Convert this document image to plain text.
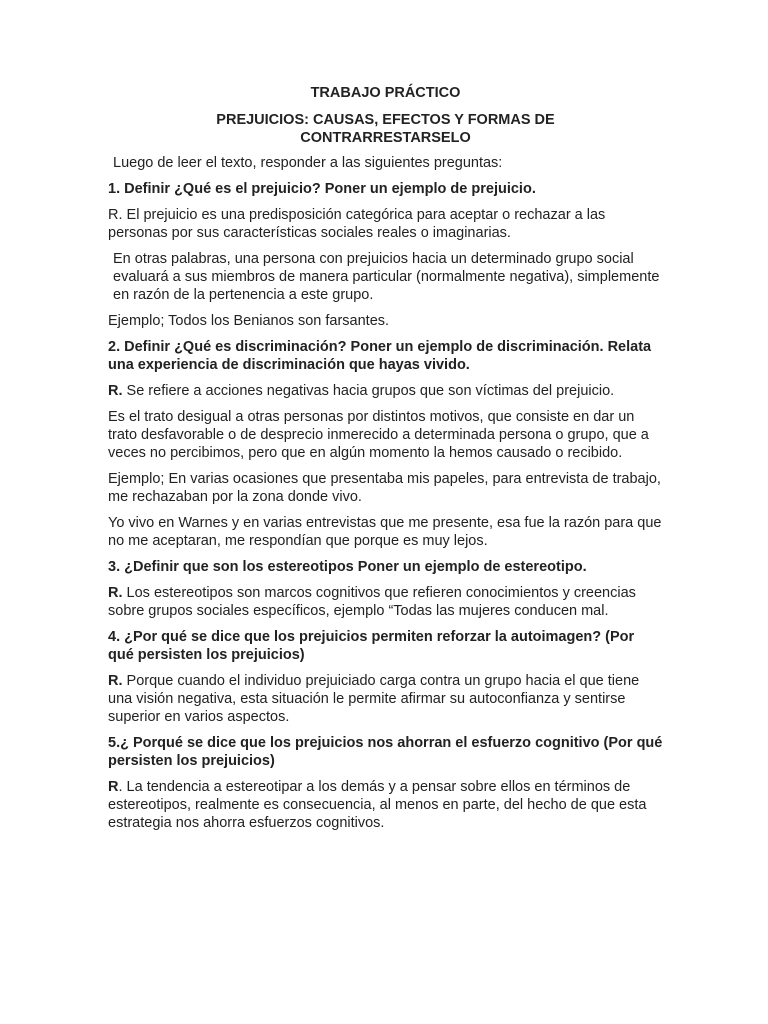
TRABAJO PRÁCTICO
PREJUICIOS: CAUSAS, EFECTOS Y FORMAS DE
CONTRARRESTARSELO

Luego de leer el texto, responder a las siguientes preguntas:

1. Definir ¿Qué es el prejuicio? Poner un ejemplo de prejuicio.

R. El prejuicio es una predisposición categórica para aceptar o rechazar a las personas por sus características sociales reales o imaginarias.

En otras palabras, una persona con prejuicios hacia un determinado grupo social evaluará a sus miembros de manera particular (normalmente negativa), simplemente en razón de la pertenencia a este grupo.

Ejemplo; Todos los Benianos son farsantes.

2. Definir ¿Qué es discriminación? Poner un ejemplo de discriminación. Relata una experiencia de discriminación que hayas vivido.

R. Se refiere a acciones negativas hacia grupos que son víctimas del prejuicio.

Es el trato desigual a otras personas por distintos motivos, que consiste en dar un trato desfavorable o de desprecio inmerecido a determinada persona o grupo, que a veces no percibimos, pero que en algún momento la hemos causado o recibido.

Ejemplo; En varias ocasiones que presentaba mis papeles, para entrevista de trabajo, me rechazaban por la zona donde vivo.

Yo vivo en Warnes y en varias entrevistas que me presente, esa fue la razón para que no me aceptaran, me respondían que porque es muy lejos.

3. ¿Definir que son los estereotipos Poner un ejemplo de estereotipo.

R. Los estereotipos son marcos cognitivos que refieren conocimientos y creencias sobre grupos sociales específicos, ejemplo “Todas las mujeres conducen mal.

4. ¿Por qué se dice que los prejuicios permiten reforzar la autoimagen? (Por qué persisten los prejuicios)

R. Porque cuando el individuo prejuiciado carga contra un grupo hacia el que tiene una visión negativa, esta situación le permite afirmar su autoconfianza y sentirse superior en varios aspectos.

5.¿ Porqué se dice que los prejuicios nos ahorran el esfuerzo cognitivo (Por qué persisten los prejuicios)

R. La tendencia a estereotipar a los demás y a pensar sobre ellos en términos de estereotipos, realmente es consecuencia, al menos en parte, del hecho de que esta estrategia nos ahorra esfuerzos cognitivos.
